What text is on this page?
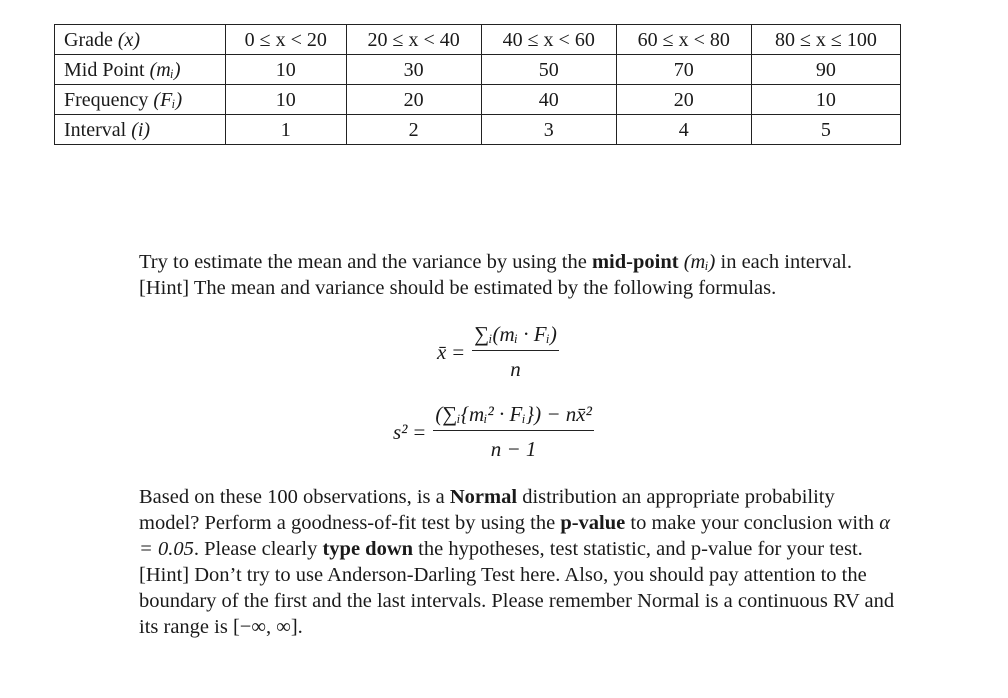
Grade (x)	0 ≤ x < 20	20 ≤ x < 40	40 ≤ x < 60	60 ≤ x < 80	80 ≤ x ≤ 100
Mid Point (mᵢ)	10	30	50	70	90
Frequency (Fᵢ)	10	20	40	20	10
Interval (i)	1	2	3	4	5

Try to estimate the mean and the variance by using the mid-point (mᵢ) in each interval. [Hint] The mean and variance should be estimated by the following formulas.

x̄ = $\frac{\text{∑ᵢ(mᵢ · Fᵢ)}}{n}$
$s^2 = \frac{\text{(∑ᵢ\{mᵢ² · Fᵢ\}) − nx̄²}}{n - 1}$

Based on these 100 observations, is a Normal distribution an appropriate probability model? Perform a goodness-of-fit test by using the p-value to make your conclusion with α = 0.05. Please clearly type down the hypotheses, test statistic, and p-value for your test.
[Hint] Don’t try to use Anderson-Darling Test here. Also, you should pay attention to the boundary of the first and the last intervals. Please remember Normal is a continuous RV and its range is [−∞, ∞].
